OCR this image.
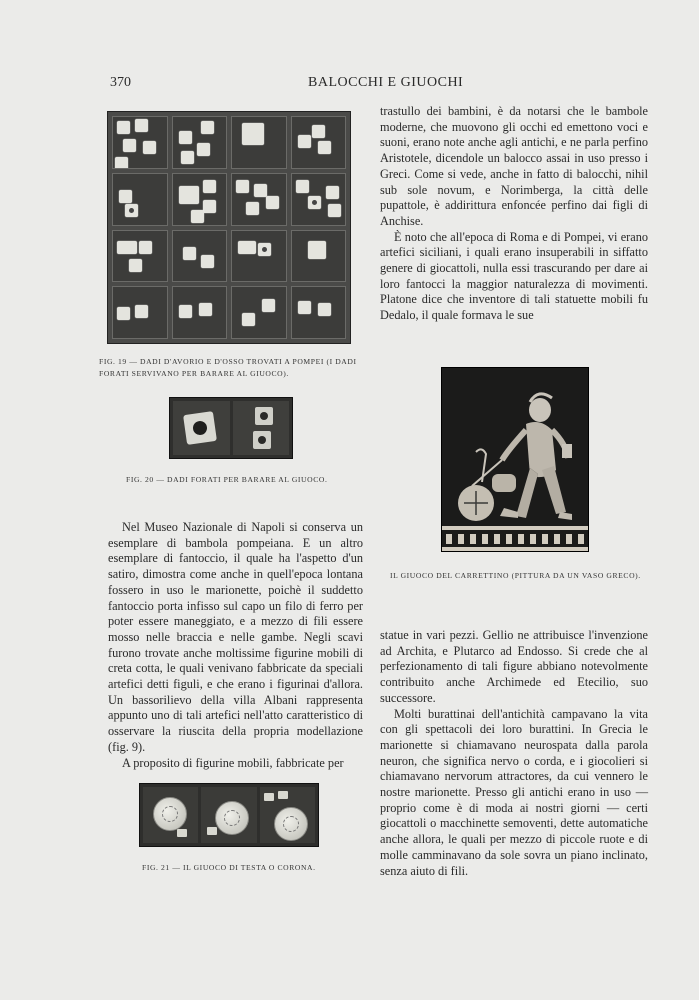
370	BALOCCHI E GIUOCHI
FIG. 19 — DADI D'AVORIO E D'OSSO TROVATI A POMPEI (I DADI
FORATI SERVIVANO PER BARARE AL GIUOCO).
FIG. 20 — DADI FORATI PER BARARE AL GIUOCO.
IL GIUOCO DEL CARRETTINO (PITTURA DA UN VASO GRECO).
FIG. 21 — IL GIUOCO DI TESTA O CORONA.

trastullo dei bambini, è da notarsi che le bambole moderne, che muovono gli occhi ed emettono voci e suoni, erano note anche agli antichi, e ne parla perfino Aristotele, dicendole un balocco assai in uso presso i Greci. Come si vede, anche in fatto di balocchi, nihil sub sole novum, e Norimberga, la città delle pupattole, è addirittura enfoncée perfino dai figli di Anchise.

È noto che all'epoca di Roma e di Pompei, vi erano artefici siciliani, i quali erano insuperabili in siffatto genere di giocattoli, nulla essi trascurando per dare ai loro fantocci la maggior naturalezza di movimenti. Platone dice che inventore di tali statuette mobili fu Dedalo, il quale formava le sue

Nel Museo Nazionale di Napoli si conserva un esemplare di bambola pompeiana. E un altro esemplare di fantoccio, il quale ha l'aspetto d'un satiro, dimostra come anche in quell'epoca lontana fossero in uso le marionette, poichè il suddetto fantoccio porta infisso sul capo un filo di ferro per poter essere maneggiato, e a mezzo di fili essere mosso nelle braccia e nelle gambe. Negli scavi furono trovate anche moltissime figurine mobili di creta cotta, le quali venivano fabbricate da speciali artefici detti figuli, e che erano i figurinai d'allora. Un bassorilievo della villa Albani rappresenta appunto uno di tali artefici nell'atto caratteristico di osservare la riuscita della propria modellazione (fig. 9).

A proposito di figurine mobili, fabbricate per

statue in vari pezzi. Gellio ne attribuisce l'invenzione ad Archita, e Plutarco ad Endosso. Si crede che al perfezionamento di tali figure abbiano notevolmente contribuito anche Archimede ed Etecilio, suo successore.

Molti burattinai dell'antichità campavano la vita con gli spettacoli dei loro burattini. In Grecia le marionette si chiamavano neurospata dalla parola neuron, che significa nervo o corda, e i giocolieri si chiamavano nervorum attractores, da cui vennero le nostre marionette. Presso gli antichi erano in uso — proprio come è di moda ai nostri giorni — certi giocattoli o macchinette semoventi, dette automatiche anche allora, le quali per mezzo di piccole ruote e di molle camminavano da sole sovra un piano inclinato, senza aiuto di fili.
